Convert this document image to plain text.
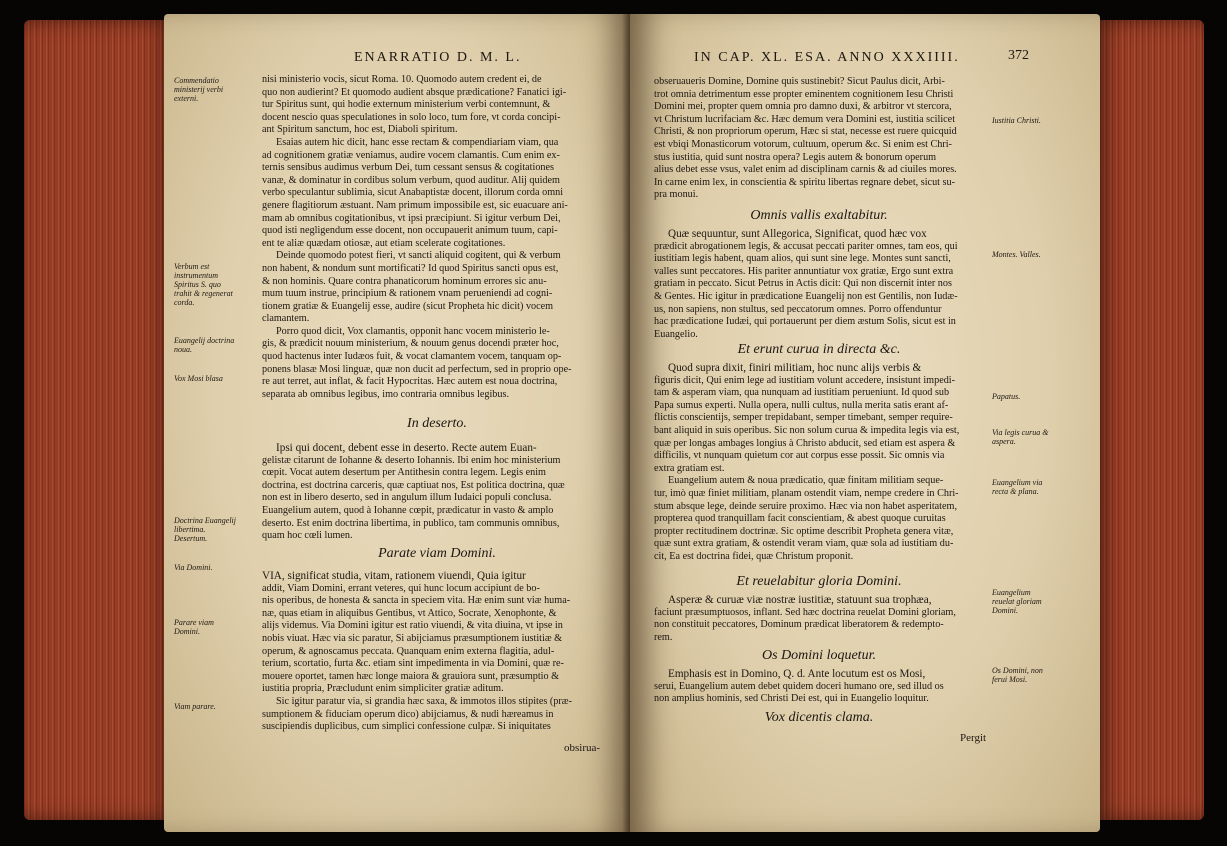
ENARRATIO D. M. L.
Commendatio ministerij verbi externi.
Verbum est instrumentum Spiritus S. quo trahit & regenerat corda.
Euangelij doctrina noua.
Vox Mosi blasa
Doctrina Euangelij libertima. Desertum.
Via Domini.
Parare viam Domini.
Viam parare.
nisi ministerio vocis, sicut Roma. 10. Quomodo autem credent ei, de
quo non audierint? Et quomodo audient absque prædicatione? Fanatici igi-
tur Spiritus sunt, qui hodie externum ministerium verbi contemnunt, &
docent nescio quas speculationes in solo loco, tum fore, vt corda concipi-
ant Spiritum sanctum, hoc est, Diaboli spiritum.
Esaias autem hic dicit, hanc esse rectam & compendiariam viam, qua
ad cognitionem gratiæ veniamus, audire vocem clamantis. Cum enim ex-
ternis sensibus audimus verbum Dei, tum cessant sensus & cogitationes
vanæ, & dominatur in cordibus solum verbum, quod auditur. Alij quidem
verbo speculantur sublimia, sicut Anabaptistæ docent, illorum corda omni
genere flagitiorum æstuant. Nam primum impossibile est, sic euacuare ani-
mam ab omnibus cogitationibus, vt ipsi præcipiunt. Si igitur verbum Dei,
quod isti negligendum esse docent, non occupauerit animum tuum, capi-
ent te aliæ quædam otiosæ, aut etiam scelerate cogitationes.
Deinde quomodo potest fieri, vt sancti aliquid cogitent, qui & verbum
non habent, & nondum sunt mortificati? Id quod Spiritus sancti opus est,
& non hominis. Quare contra phanaticorum hominum errores sic anu-
mum tuum instrue, principium & rationem vnam perueniendi ad cogni-
tionem gratiæ & Euangelij esse, audire (sicut Propheta hic dicit) vocem
clamantem.
Porro quod dicit, Vox clamantis, opponit hanc vocem ministerio le-
gis, & prædicit nouum ministerium, & nouum genus docendi præter hoc,
quod hactenus inter Iudæos fuit, & vocat clamantem vocem, tanquam op-
ponens blasæ Mosi linguæ, quæ non ducit ad perfectum, sed in proprio ope-
re aut terret, aut inflat, & facit Hypocritas. Hæc autem est noua doctrina,
separata ab omnibus legibus, imo contraria omnibus legibus.
In deserto.
Ipsi qui docent, debent esse in deserto. Recte autem Euan-
gelistæ citarunt de Iohanne & deserto Iohannis. Ibi enim hoc ministerium
cœpit. Vocat autem desertum per Antithesin contra legem. Legis enim
doctrina, est doctrina carceris, quæ captiuat nos, Est politica doctrina, quæ
non est in libero deserto, sed in angulum illum Iudaici populi conclusa.
Euangelium autem, quod à Iohanne cœpit, prædicatur in vasto & amplo
deserto. Est enim doctrina libertima, in publico, tam communis omnibus,
quam hoc cœli lumen.
Parate viam Domini.
VIA, significat studia, vitam, rationem viuendi, Quia igitur
addit, Viam Domini, errant veteres, qui hunc locum accipiunt de bo-
nis operibus, de honesta & sancta in speciem vita. Hæ enim sunt viæ huma-
næ, quas etiam in aliquibus Gentibus, vt Attico, Socrate, Xenophonte, &
alijs videmus. Via Domini igitur est ratio viuendi, & vita diuina, vt ipse in
nobis viuat. Hæc via sic paratur, Si abijciamus præsumptionem iustitiæ &
operum, & agnoscamus peccata. Quanquam enim externa flagitia, adul-
terium, scortatio, furta &c. etiam sint impedimenta in via Domini, quæ re-
mouere oportet, tamen hæc longe maiora & grauiora sunt, præsumptio &
iustitia propria, Præcludunt enim simpliciter gratiæ aditum.
Sic igitur paratur via, si grandia hæc saxa, & immotos illos stipites (præ-
sumptionem & fiduciam operum dico) abijciamus, & nudi hæreamus in
suscipiendis duplicibus, cum simplici confessione culpæ. Si iniquitates
obsirua-
IN CAP. XL. ESA. ANNO XXXIIII.	372
obseruaueris Domine, Domine quis sustinebit? Sicut Paulus dicit, Arbi-
trot omnia detrimentum esse propter eminentem cognitionem Iesu Christi
Domini mei, propter quem omnia pro damno duxi, & arbitror vt stercora,
vt Christum lucrifaciam &c. Hæc demum vera Domini est, iustitia scilicet
Christi, & non propriorum operum, Hæc si stat, necesse est ruere quicquid
est vbiqi Monasticorum votorum, cultuum, operum &c. Si enim est Chri-
stus iustitia, quid sunt nostra opera? Legis autem & bonorum operum
alius debet esse vsus, valet enim ad disciplinam carnis & ad ciuiles mores.
In carne enim lex, in conscientia & spiritu libertas regnare debet, sicut su-
pra monui.
Omnis vallis exaltabitur.
Quæ sequuntur, sunt Allegorica, Significat, quod hæc vox
prædicit abrogationem legis, & accusat peccati pariter omnes, tam eos, qui
iustitiam legis habent, quam alios, qui sunt sine lege. Montes sunt sancti,
valles sunt peccatores. His pariter annuntiatur vox gratiæ, Ergo sunt extra
gratiam in peccato. Sicut Petrus in Actis dicit: Qui non discernit inter nos
& Gentes. Hic igitur in prædicatione Euangelij non est Gentilis, non Iudæ-
us, non sapiens, non stultus, sed peccatorum omnes. Porro offenduntur
hac prædicatione Iudæi, qui portauerunt per diem æstum Solis, sicut est in
Euangelio.
Et erunt curua in directa &c.
Quod supra dixit, finiri militiam, hoc nunc alijs verbis &
figuris dicit, Qui enim lege ad iustitiam volunt accedere, insistunt impedi-
tam & asperam viam, qua nunquam ad iustitiam perueniunt. Id quod sub
Papa sumus experti. Nulla opera, nulli cultus, nulla merita satis erant af-
flictis conscientijs, semper trepidabant, semper timebant, semper require-
bant aliquid in suis operibus. Sic non solum curua & impedita legis via est,
quæ per longas ambages longius à Christo abducit, sed etiam est aspera &
difficilis, vt nunquam quietum cor aut corpus esse possit. Sic omnis via
extra gratiam est.
Euangelium autem & noua prædicatio, quæ finitam militiam seque-
tur, imò quæ finiet militiam, planam ostendit viam, nempe credere in Chri-
stum absque lege, deinde seruire proximo. Hæc via non habet asperitatem,
propterea quod tranquillam facit conscientiam, & abest quoque curuitas
propter rectitudinem doctrinæ. Sic optime describit Propheta genera vitæ,
quæ sunt extra gratiam, & ostendit veram viam, quæ sola ad iustitiam du-
cit, Ea est doctrina fidei, quæ Christum proponit.
Et reuelabitur gloria Domini.
Asperæ & curuæ viæ nostræ iustitiæ, statuunt sua trophæa,
faciunt præsumptuosos, inflant. Sed hæc doctrina reuelat Domini gloriam,
non constituit peccatores, Dominum prædicat liberatorem & redempto-
rem.
Os Domini loquetur.
Emphasis est in Domino, Q. d. Ante locutum est os Mosi,
serui, Euangelium autem debet quidem doceri humano ore, sed illud os
non amplius hominis, sed Christi Dei est, qui in Euangelio loquitur.
Vox dicentis clama.
Pergit
Iustitia Christi.
Montes. Valles.
Papatus.
Via legis curua & aspera.
Euangelium via recta & plana.
Euangelium reuelat gloriam Domini.
Os Domini, non ferui Mosi.
